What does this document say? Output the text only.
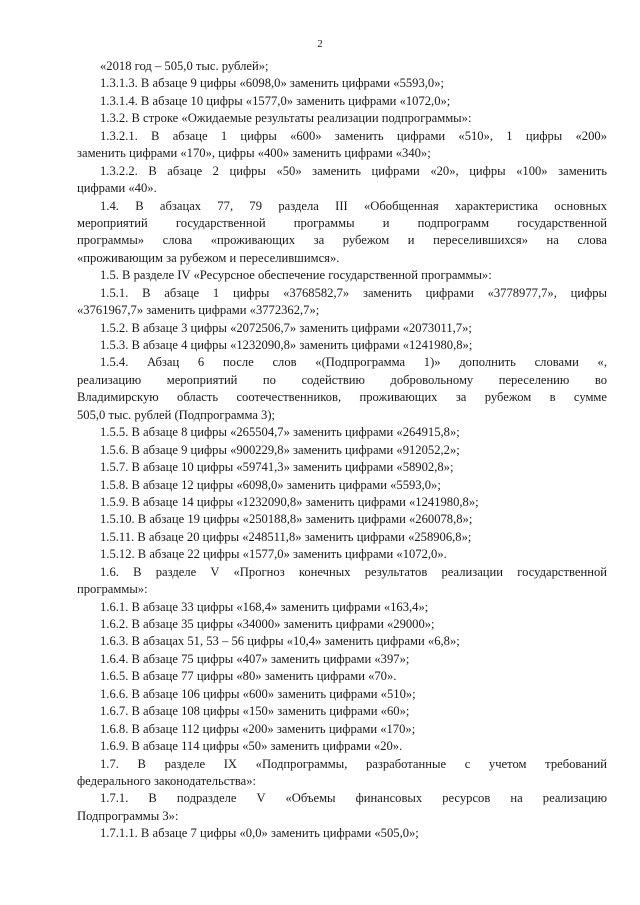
2
«2018 год – 505,0 тыс. рублей»;
1.3.1.3. В абзаце 9 цифры «6098,0» заменить цифрами «5593,0»;
1.3.1.4. В абзаце 10 цифры «1577,0» заменить цифрами «1072,0»;
1.3.2. В строке «Ожидаемые результаты реализации подпрограммы»:
1.3.2.1. В абзаце 1 цифры «600» заменить цифрами «510», 1 цифры «200»
заменить цифрами «170», цифры «400» заменить цифрами «340»;
1.3.2.2. В абзаце 2 цифры «50» заменить цифрами «20», цифры «100» заменить
цифрами «40».
1.4. В абзацах 77, 79 раздела III «Обобщенная характеристика основных
мероприятий государственной программы и подпрограмм государственной
программы» слова «проживающих за рубежом и переселившихся» на слова
«проживающим за рубежом и переселившимся».
1.5. В разделе IV «Ресурсное обеспечение государственной программы»:
1.5.1. В абзаце 1 цифры «3768582,7» заменить цифрами «3778977,7», цифры
«3761967,7» заменить цифрами «3772362,7»;
1.5.2. В абзаце 3 цифры «2072506,7» заменить цифрами «2073011,7»;
1.5.3. В абзаце 4 цифры «1232090,8» заменить цифрами «1241980,8»;
1.5.4. Абзац 6 после слов «(Подпрограмма 1)» дополнить словами «,
реализацию мероприятий по содействию добровольному переселению во
Владимирскую область соотечественников, проживающих за рубежом в сумме
505,0 тыс. рублей (Подпрограмма 3);
1.5.5. В абзаце 8 цифры «265504,7» заменить цифрами «264915,8»;
1.5.6. В абзаце 9 цифры «900229,8» заменить цифрами «912052,2»;
1.5.7. В абзаце 10 цифры «59741,3» заменить цифрами «58902,8»;
1.5.8. В абзаце 12 цифры «6098,0» заменить цифрами «5593,0»;
1.5.9. В абзаце 14 цифры «1232090,8» заменить цифрами «1241980,8»;
1.5.10. В абзаце 19 цифры «250188,8» заменить цифрами «260078,8»;
1.5.11. В абзаце 20 цифры «248511,8» заменить цифрами «258906,8»;
1.5.12. В абзаце 22 цифры «1577,0» заменить цифрами «1072,0».
1.6. В разделе V «Прогноз конечных результатов реализации государственной
программы»:
1.6.1. В абзаце 33 цифры «168,4» заменить цифрами «163,4»;
1.6.2. В абзаце 35 цифры «34000» заменить цифрами «29000»;
1.6.3. В абзацах 51, 53 – 56 цифры «10,4» заменить цифрами «6,8»;
1.6.4. В абзаце 75 цифры «407» заменить цифрами «397»;
1.6.5. В абзаце 77 цифры «80» заменить цифрами «70».
1.6.6. В абзаце 106 цифры «600» заменить цифрами «510»;
1.6.7. В абзаце 108 цифры «150» заменить цифрами «60»;
1.6.8. В абзаце 112 цифры «200» заменить цифрами «170»;
1.6.9. В абзаце 114 цифры «50» заменить цифрами «20».
1.7. В разделе IX «Подпрограммы, разработанные с учетом требований
федерального законодательства»:
1.7.1. В подразделе V «Объемы финансовых ресурсов на реализацию
Подпрограммы 3»:
1.7.1.1. В абзаце 7 цифры «0,0» заменить цифрами «505,0»;
